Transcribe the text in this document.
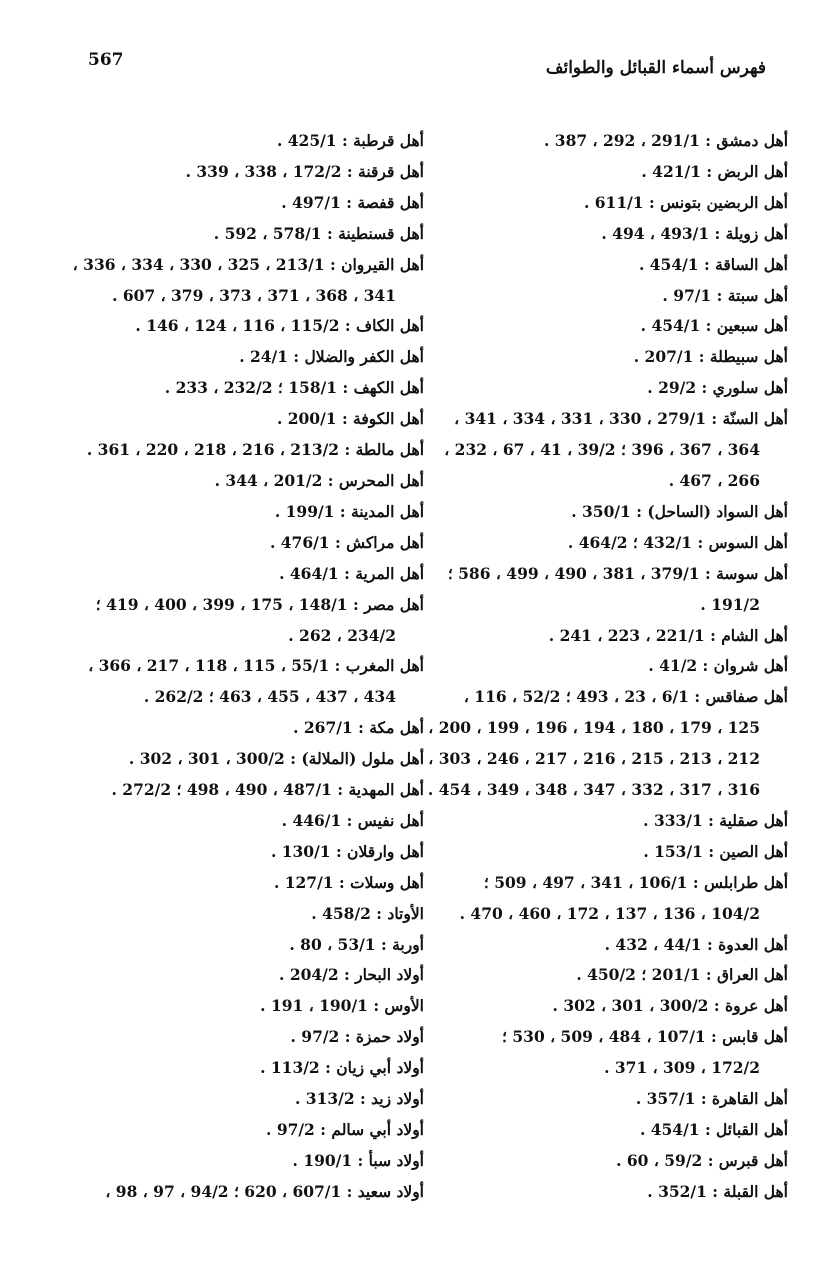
567	فهرس أسماء القبائل والطوائف
أهل دمشق : 291/1 ، 292 ، 387 .
أهل الربض : 421/1 .
أهل الربضين بتونس : 611/1 .
أهل زويلة : 493/1 ، 494 .
أهل الساقة : 454/1 .
أهل سبتة : 97/1 .
أهل سبعين : 454/1 .
أهل سبيطلة : 207/1 .
أهل سلوري : 29/2 .
أهل السنّة : 279/1 ، 330 ، 331 ، 334 ، 341 ،
364 ، 367 ، 396 ؛ 39/2 ، 41 ، 67 ، 232 ،
266 ، 467 .
أهل السواد (الساحل) : 350/1 .
أهل السوس : 432/1 ؛ 464/2 .
أهل سوسة : 379/1 ، 381 ، 490 ، 499 ، 586 ؛
191/2 .
أهل الشام : 221/1 ، 223 ، 241 .
أهل شروان : 41/2 .
أهل صفاقس : 6/1 ، 23 ، 493 ؛ 52/2 ، 116 ،
125 ، 179 ، 180 ، 194 ، 196 ، 199 ، 200 ،
212 ، 213 ، 215 ، 216 ، 217 ، 246 ، 303 ،
316 ، 317 ، 332 ، 347 ، 348 ، 349 ، 454 .
أهل صقلية : 333/1 .
أهل الصين : 153/1 .
أهل طرابلس : 106/1 ، 341 ، 497 ، 509 ؛
104/2 ، 136 ، 137 ، 172 ، 460 ، 470 .
أهل العدوة : 44/1 ، 432 .
أهل العراق : 201/1 ؛ 450/2 .
أهل عروة : 300/2 ، 301 ، 302 .
أهل قابس : 107/1 ، 484 ، 509 ، 530 ؛
172/2 ، 309 ، 371 .
أهل القاهرة : 357/1 .
أهل القبائل : 454/1 .
أهل قبرس : 59/2 ، 60 .
أهل القبلة : 352/1 .
أهل قرطبة : 425/1 .
أهل قرقنة : 172/2 ، 338 ، 339 .
أهل قفصة : 497/1 .
أهل قسنطينة : 578/1 ، 592 .
أهل القيروان : 213/1 ، 325 ، 330 ، 334 ، 336 ،
341 ، 368 ، 371 ، 373 ، 379 ، 607 .
أهل الكاف : 115/2 ، 116 ، 124 ، 146 .
أهل الكفر والضلال : 24/1 .
أهل الكهف : 158/1 ؛ 232/2 ، 233 .
أهل الكوفة : 200/1 .
أهل مالطة : 213/2 ، 216 ، 218 ، 220 ، 361 .
أهل المحرس : 201/2 ، 344 .
أهل المدينة : 199/1 .
أهل مراكش : 476/1 .
أهل المرية : 464/1 .
أهل مصر : 148/1 ، 175 ، 399 ، 400 ، 419 ؛
234/2 ، 262 .
أهل المغرب : 55/1 ، 115 ، 118 ، 217 ، 366 ،
434 ، 437 ، 455 ، 463 ؛ 262/2 .
أهل مكة : 267/1 .
أهل ملول (الملالة) : 300/2 ، 301 ، 302 .
أهل المهدية : 487/1 ، 490 ، 498 ؛ 272/2 .
أهل نفيس : 446/1 .
أهل وارقلان : 130/1 .
أهل وسلات : 127/1 .
الأوتاد : 458/2 .
أوربة : 53/1 ، 80 .
أولاد البحار : 204/2 .
الأوس : 190/1 ، 191 .
أولاد حمزة : 97/2 .
أولاد أبي زيان : 113/2 .
أولاد زيد : 313/2 .
أولاد أبي سالم : 97/2 .
أولاد سبأ : 190/1 .
أولاد سعيد : 607/1 ، 620 ؛ 94/2 ، 97 ، 98 ،
